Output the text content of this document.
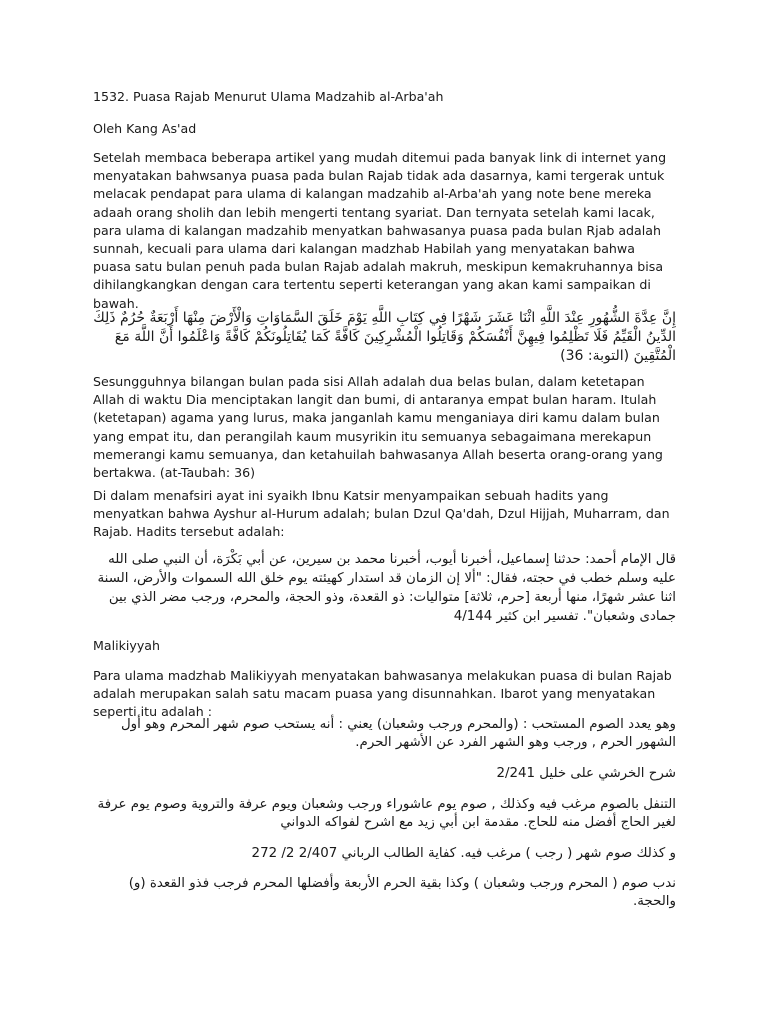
1532. Puasa Rajab Menurut Ulama Madzahib al-Arba'ah

Oleh Kang As'ad

Setelah membaca beberapa artikel yang mudah ditemui pada banyak link di internet yang menyatakan bahwsanya puasa pada bulan Rajab tidak ada dasarnya, kami tergerak untuk melacak pendapat para ulama di kalangan madzahib al-Arba'ah yang note bene mereka adaah orang sholih dan lebih mengerti tentang syariat. Dan ternyata setelah kami lacak, para ulama di kalangan madzahib menyatkan bahwasanya puasa pada bulan Rjab adalah sunnah, kecuali para ulama dari kalangan madzhab Habilah yang menyatakan bahwa puasa satu bulan penuh pada bulan Rajab adalah makruh, meskipun kemakruhannya bisa dihilangkangkan dengan cara tertentu seperti keterangan yang akan kami sampaikan di bawah.

إِنَّ عِدَّةَ الشُّهُورِ عِنْدَ اللَّهِ اثْنَا عَشَرَ شَهْرًا فِي كِتَابِ اللَّهِ يَوْمَ خَلَقَ السَّمَاوَاتِ وَالْأَرْضَ مِنْهَا أَرْبَعَةٌ حُرُمٌ ذَلِكَ الدِّينُ الْقَيِّمُ فَلَا تَظْلِمُوا فِيهِنَّ أَنْفُسَكُمْ وَقَاتِلُوا الْمُشْرِكِينَ كَافَّةً كَمَا يُقَاتِلُونَكُمْ كَافَّةً وَاعْلَمُوا أَنَّ اللَّهَ مَعَ الْمُتَّقِينَ (التوبة: 36)

Sesungguhnya bilangan bulan pada sisi Allah adalah dua belas bulan, dalam ketetapan Allah di waktu Dia menciptakan langit dan bumi, di antaranya empat bulan haram. Itulah (ketetapan) agama yang lurus, maka janganlah kamu menganiaya diri kamu dalam bulan yang empat itu, dan perangilah kaum musyrikin itu semuanya sebagaimana merekapun memerangi kamu semuanya, dan ketahuilah bahwasanya Allah beserta orang-orang yang bertakwa. (at-Taubah: 36)

Di dalam menafsiri ayat ini syaikh Ibnu Katsir menyampaikan sebuah hadits yang menyatkan bahwa Ayshur al-Hurum adalah; bulan Dzul Qa'dah, Dzul Hijjah, Muharram, dan Rajab. Hadits tersebut adalah:

قال الإمام أحمد: حدثنا إسماعيل، أخبرنا أيوب، أخبرنا محمد بن سيرين، عن أبي بَكْرَة، أن النبي صلى الله عليه وسلم خطب في حجته، فقال: "ألا إن الزمان قد استدار كهيئته يوم خلق الله السموات والأرض، السنة اثنا عشر شهرًا، منها أربعة [حرم، ثلاثة] متواليات: ذو القعدة، وذو الحجة، والمحرم، ورجب مضر الذي بين جمادى وشعبان". تفسير ابن كثير 4/144

Malikiyyah

Para ulama madzhab Malikiyyah menyatakan bahwasanya melakukan puasa di bulan Rajab adalah merupakan salah satu macam puasa yang disunnahkan. Ibarot yang menyatakan seperti itu adalah :

وهو يعدد الصوم المستحب : (والمحرم ورجب وشعبان) يعني : أنه يستحب صوم شهر المحرم وهو أول الشهور الحرم , ورجب وهو الشهر الفرد عن الأشهر الحرم.

شرح الخرشي على خليل 2/241

التنفل بالصوم مرغب فيه وكذلك , صوم يوم عاشوراء ورجب وشعبان ويوم عرفة والتروية وصوم يوم عرفة لغير الحاج أفضل منه للحاج. مقدمة ابن أبي زيد مع اشرح لفواكه الدواني

و كذلك صوم شهر ( رجب ) مرغب فيه. كفاية الطالب الرباني 2/407 2/ 272

ندب صوم ( المحرم ورجب وشعبان ) وكذا بقية الحرم الأربعة وأفضلها المحرم فرجب فذو القعدة (و) والحجة.
